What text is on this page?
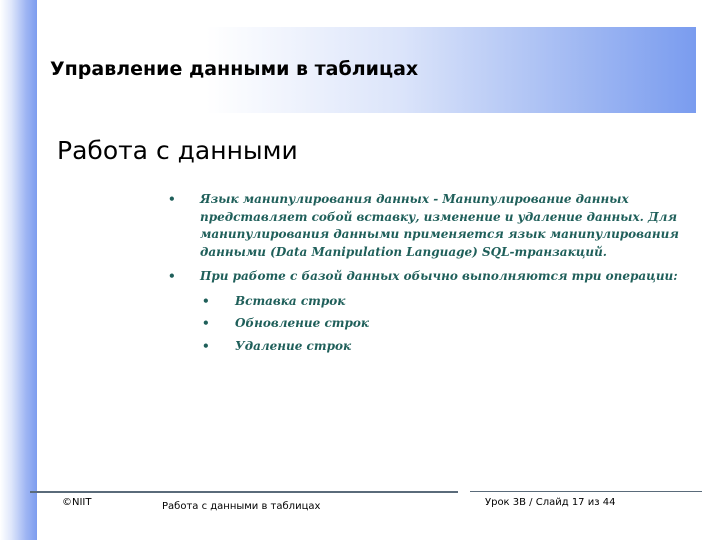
Управление данными в таблицах
Работа с данными
• Язык манипулирования данных - Манипулирование данных представляет собой вставку, изменение и удаление данных. Для манипулирования данными применяется язык манипулирования данными (Data Manipulation Language) SQL-транзакций.
• При работе с базой данных обычно выполняются три операции:
• Вставка строк
• Обновление строк
• Удаление строк
©NIIT	Работа с данными в таблицах	Урок 3B / Слайд 17 из 44
